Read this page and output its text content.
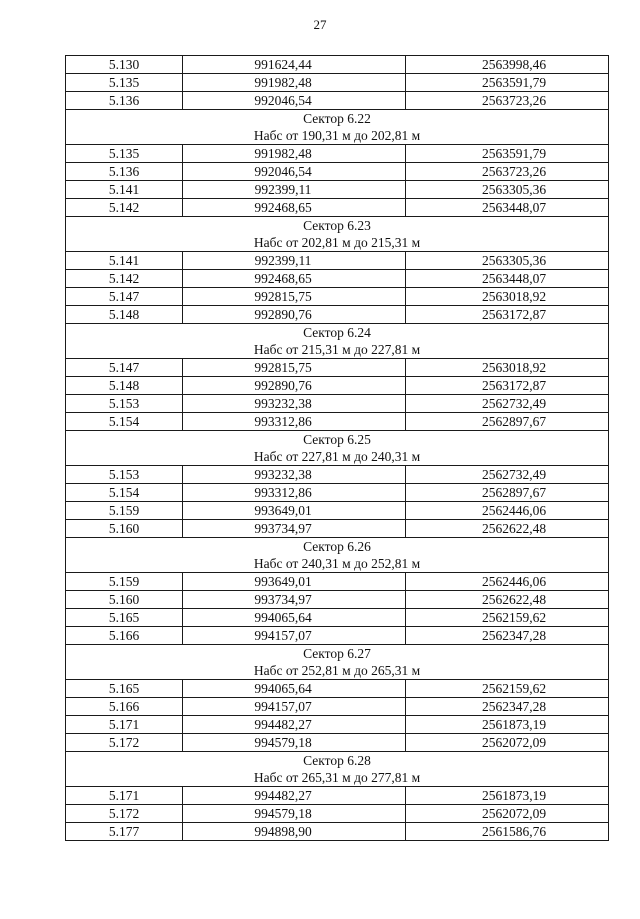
27
5.130	991624,44	2563998,46
5.135	991982,48	2563591,79
5.136	992046,54	2563723,26
Сектор 6.22		
Набс от 190,31 м до 202,81 м		
5.135	991982,48	2563591,79
5.136	992046,54	2563723,26
5.141	992399,11	2563305,36
5.142	992468,65	2563448,07
Сектор 6.23		
Набс от 202,81 м до 215,31 м		
5.141	992399,11	2563305,36
5.142	992468,65	2563448,07
5.147	992815,75	2563018,92
5.148	992890,76	2563172,87
Сектор 6.24		
Набс от 215,31 м до 227,81 м		
5.147	992815,75	2563018,92
5.148	992890,76	2563172,87
5.153	993232,38	2562732,49
5.154	993312,86	2562897,67
Сектор 6.25		
Набс от 227,81 м до 240,31 м		
5.153	993232,38	2562732,49
5.154	993312,86	2562897,67
5.159	993649,01	2562446,06
5.160	993734,97	2562622,48
Сектор 6.26		
Набс от 240,31 м до 252,81 м		
5.159	993649,01	2562446,06
5.160	993734,97	2562622,48
5.165	994065,64	2562159,62
5.166	994157,07	2562347,28
Сектор 6.27		
Набс от 252,81 м до 265,31 м		
5.165	994065,64	2562159,62
5.166	994157,07	2562347,28
5.171	994482,27	2561873,19
5.172	994579,18	2562072,09
Сектор 6.28		
Набс от 265,31 м до 277,81 м		
5.171	994482,27	2561873,19
5.172	994579,18	2562072,09
5.177	994898,90	2561586,76
